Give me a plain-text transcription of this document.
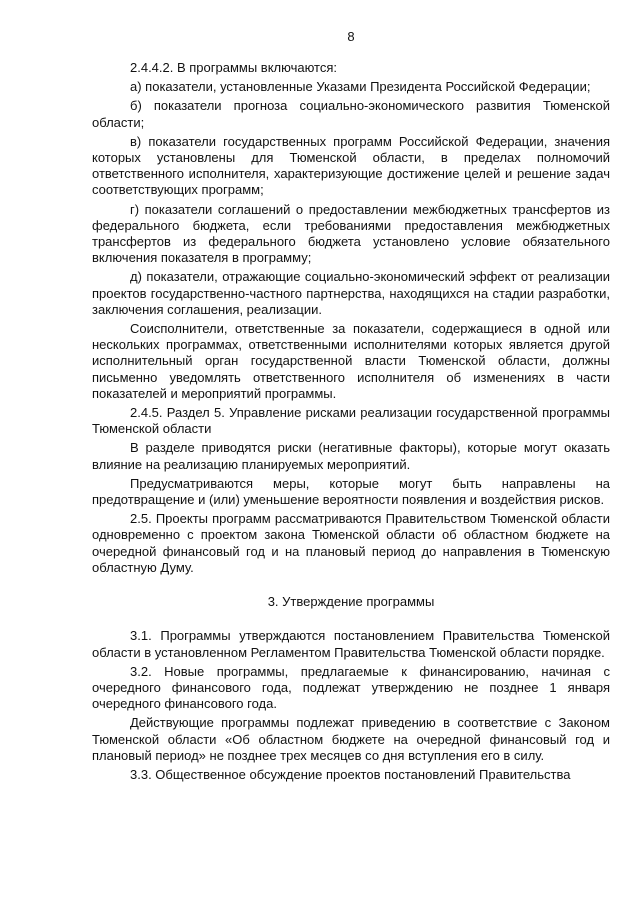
8

2.4.4.2. В программы включаются:

а) показатели, установленные Указами Президента Российской Федерации;

б) показатели прогноза социально-экономического развития Тюменской области;

в) показатели государственных программ Российской Федерации, значения которых установлены для Тюменской области, в пределах полномочий ответственного исполнителя, характеризующие достижение целей и решение задач соответствующих программ;

г) показатели соглашений о предоставлении межбюджетных трансфертов из федерального бюджета, если требованиями предоставления межбюджетных трансфертов из федерального бюджета установлено условие обязательного включения показателя в программу;

д) показатели, отражающие социально-экономический эффект от реализации проектов государственно-частного партнерства, находящихся на стадии разработки, заключения соглашения, реализации.

Соисполнители, ответственные за показатели, содержащиеся в одной или нескольких программах, ответственными исполнителями которых является другой исполнительный орган государственной власти Тюменской области, должны письменно уведомлять ответственного исполнителя об изменениях в части показателей и мероприятий программы.

2.4.5. Раздел 5. Управление рисками реализации государственной программы Тюменской области

В разделе приводятся риски (негативные факторы), которые могут оказать влияние на реализацию планируемых мероприятий.

Предусматриваются меры, которые могут быть направлены на предотвращение и (или) уменьшение вероятности появления и воздействия рисков.

2.5. Проекты программ рассматриваются Правительством Тюменской области одновременно с проектом закона Тюменской области об областном бюджете на очередной финансовый год и на плановый период до направления в Тюменскую областную Думу.

3. Утверждение программы

3.1. Программы утверждаются постановлением Правительства Тюменской области в установленном Регламентом Правительства Тюменской области порядке.

3.2. Новые программы, предлагаемые к финансированию, начиная с очередного финансового года, подлежат утверждению не позднее 1 января очередного финансового года.

Действующие программы подлежат приведению в соответствие с Законом Тюменской области «Об областном бюджете на очередной финансовый год и плановый период» не позднее трех месяцев со дня вступления его в силу.

3.3. Общественное обсуждение проектов постановлений Правительства
